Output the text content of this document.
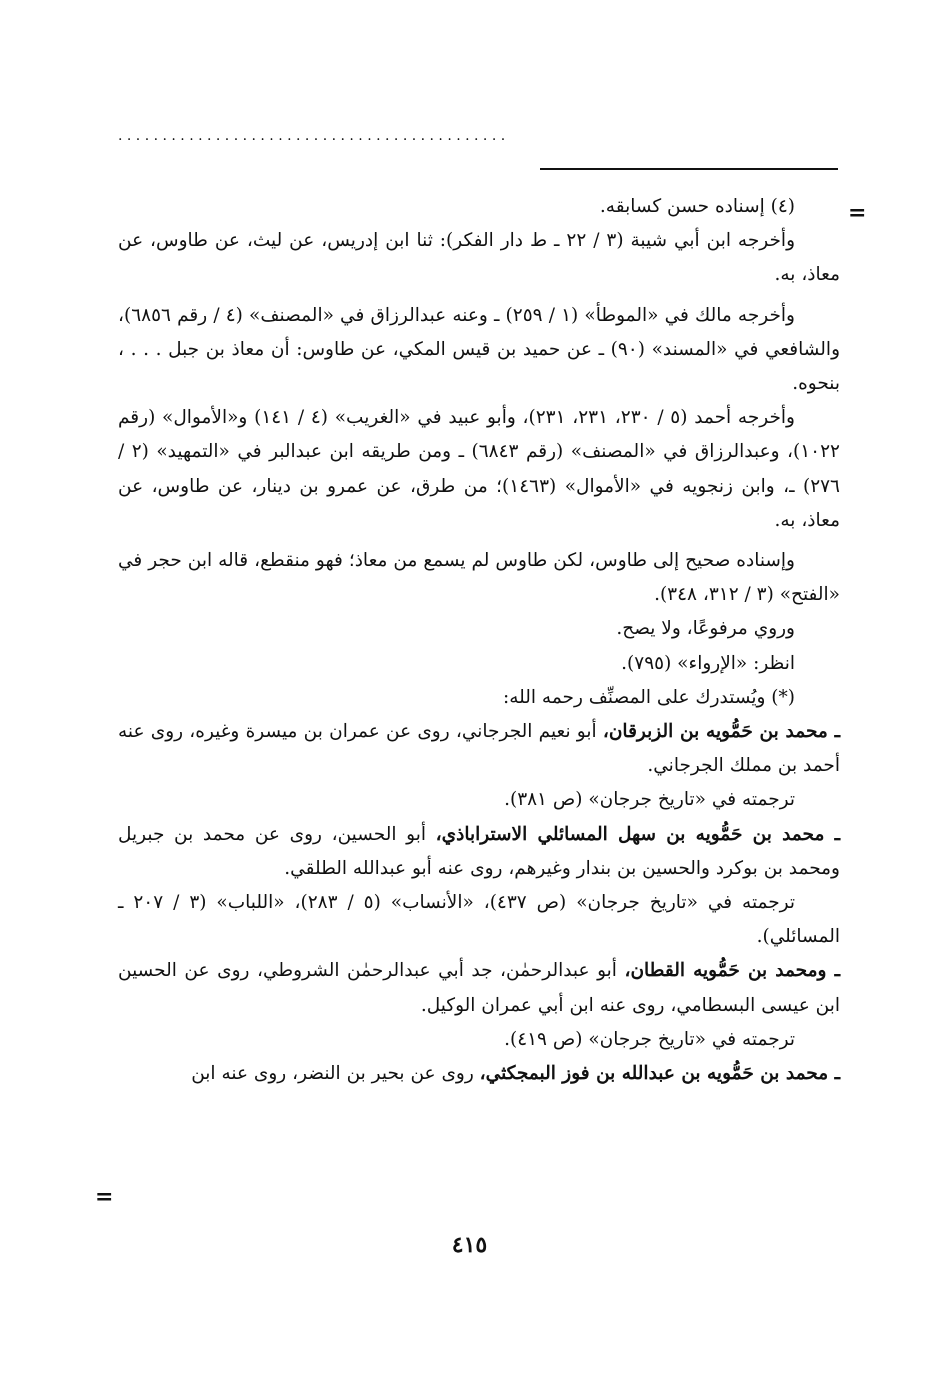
. . . . . . . . . . . . . . . . . . . . . . . . . . . . . . . . . . . . . . . . . . . .
=

(٤) إسناده حسن كسابقه.

وأخرجه ابن أبي شيبة (٣ / ٢٢ ـ ط دار الفكر): ثنا ابن إدريس، عن ليث، عن طاوس، عن معاذ، به.

وأخرجه مالك في «الموطأ» (١ / ٢٥٩) ـ وعنه عبدالرزاق في «المصنف» (٤ / رقم ٦٨٥٦)، والشافعي في «المسند» (٩٠) ـ عن حميد بن قيس المكي، عن طاوس: أن معاذ بن جبل . . . ، بنحوه.

وأخرجه أحمد (٥ / ٢٣٠، ٢٣١، ٢٣١)، وأبو عبيد في «الغريب» (٤ / ١٤١) و«الأموال» (رقم ١٠٢٢)، وعبدالرزاق في «المصنف» (رقم ٦٨٤٣) ـ ومن طريقه ابن عبدالبر في «التمهيد» (٢ / ٢٧٦) ـ، وابن زنجويه في «الأموال» (١٤٦٣)؛ من طرق، عن عمرو بن دينار، عن طاوس، عن معاذ، به.

وإسناده صحيح إلى طاوس، لكن طاوس لم يسمع من معاذ؛ فهو منقطع، قاله ابن حجر في «الفتح» (٣ / ٣١٢، ٣٤٨).

وروي مرفوعًا، ولا يصح.

انظر: «الإرواء» (٧٩٥).

(*) ويُستدرك على المصنِّف رحمه الله:

ـ محمد بن حَمُّويه بن الزبرقان، أبو نعيم الجرجاني، روى عن عمران بن ميسرة وغيره، روى عنه أحمد بن مملك الجرجاني.

ترجمته في «تاريخ جرجان» (ص ٣٨١).

ـ محمد بن حَمُّويه بن سهل المسائلي الاستراباذي، أبو الحسين، روى عن محمد بن جبريل ومحمد بن بوكرد والحسين بن بندار وغيرهم، روى عنه أبو عبدالله الطلقي.

ترجمته في «تاريخ جرجان» (ص ٤٣٧)، «الأنساب» (٥ / ٢٨٣)، «اللباب» (٣ / ٢٠٧ ـ المسائلي).

ـ ومحمد بن حَمُّويه القطان، أبو عبدالرحمٰن، جد أبي عبدالرحمٰن الشروطي، روى عن الحسين ابن عيسى البسطامي، روى عنه ابن أبي عمران الوكيل.

ترجمته في «تاريخ جرجان» (ص ٤١٩).

ـ محمد بن حَمُّويه بن عبدالله بن فوز البمجكثي، روى عن بحير بن النضر، روى عنه ابن

=
٤١٥
